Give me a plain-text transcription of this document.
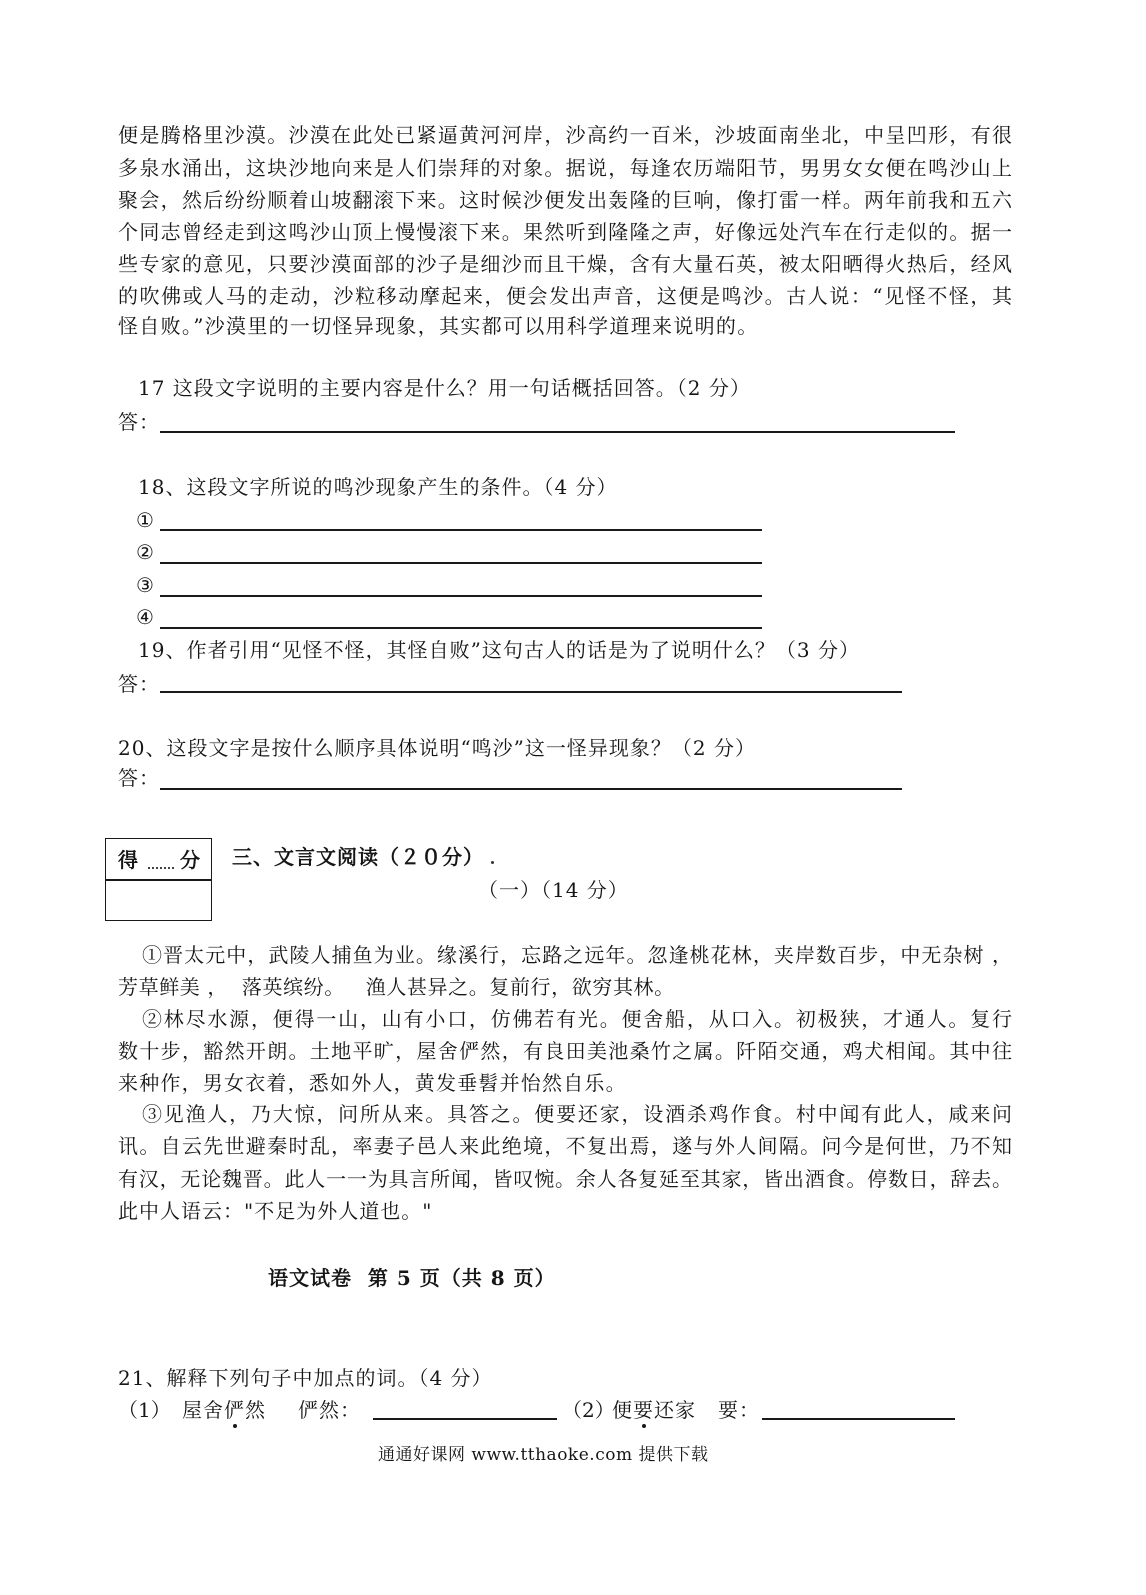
便是腾格里沙漠。沙漠在此处已紧逼黄河河岸，沙高约一百米，沙坡面南坐北，中呈凹形，有很
多泉水涌出，这块沙地向来是人们崇拜的对象。据说，每逢农历端阳节，男男女女便在鸣沙山上
聚会，然后纷纷顺着山坡翻滚下来。这时候沙便发出轰隆的巨响，像打雷一样。两年前我和五六
个同志曾经走到这鸣沙山顶上慢慢滚下来。果然听到隆隆之声，好像远处汽车在行走似的。据一
些专家的意见，只要沙漠面部的沙子是细沙而且干燥，含有大量石英，被太阳晒得火热后，经风
的吹佛或人马的走动，沙粒移动摩起来，便会发出声音，这便是鸣沙。古人说：“见怪不怪，其
怪自败。”沙漠里的一切怪异现象，其实都可以用科学道理来说明的。
17 这段文字说明的主要内容是什么？用一句话概括回答。（2 分）
答：
18、这段文字所说的鸣沙现象产生的条件。（4 分）
①
②
③
④
19、作者引用“见怪不怪，其怪自败”这句古人的话是为了说明什么？（3 分）
答：
20、这段文字是按什么顺序具体说明“鸣沙”这一怪异现象？（2 分）
答：
得 分 三、文言文阅读（２０分）
（一）（14 分）
①晋太元中，武陵人捕鱼为业。缘溪行，忘路之远年。忽逢桃花林，夹岸数百步，中无杂树 ，
芳草鲜美 ，  落英缤纷。   渔人甚异之。复前行，欲穷其林。
②林尽水源，便得一山，山有小口，仿佛若有光。便舍船，从口入。初极狭，才通人。复行
数十步，豁然开朗。土地平旷，屋舍俨然，有良田美池桑竹之属。阡陌交通，鸡犬相闻。其中往
来种作，男女衣着，悉如外人，黄发垂髫并怡然自乐。
③见渔人，乃大惊，问所从来。具答之。便要还家，设酒杀鸡作食。村中闻有此人，咸来问
讯。自云先世避秦时乱，率妻子邑人来此绝境，不复出焉，遂与外人间隔。问今是何世，乃不知
有汉，无论魏晋。此人一一为具言所闻，皆叹惋。余人各复延至其家，皆出酒食。停数日，辞去。
此中人语云："不足为外人道也。"
语文试卷  第 5 页（共 8 页）
21、解释下列句子中加点的词。（4 分）
（1） 屋舍俨然 俨然：	（2）
便要还家 要：
通通好课网 www.tthaoke.com 提供下载
